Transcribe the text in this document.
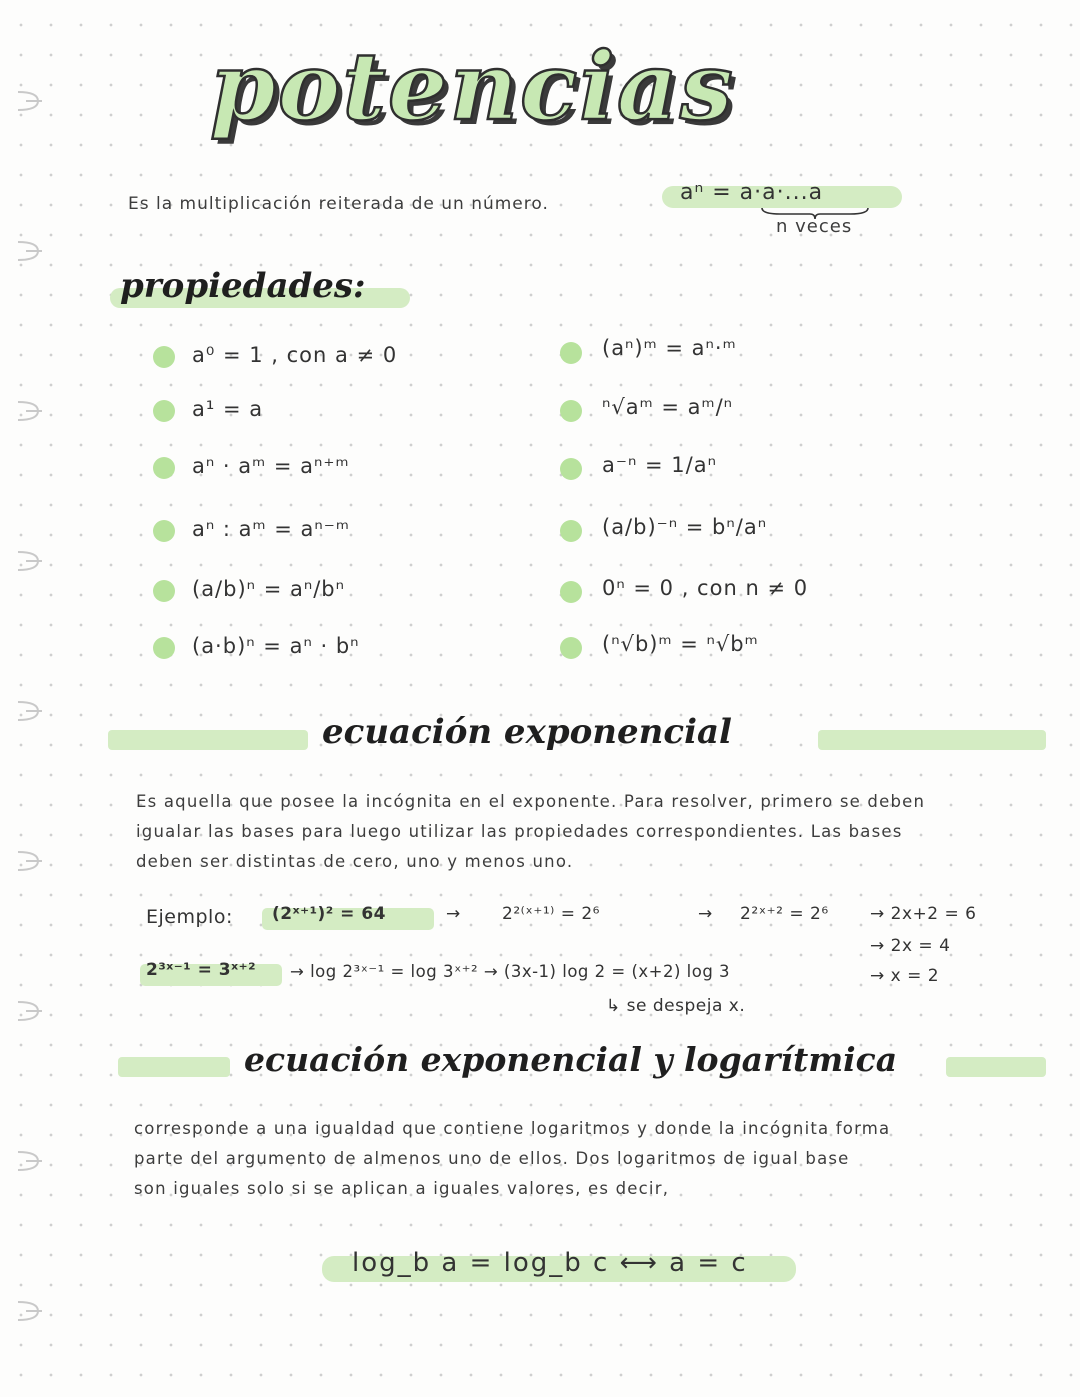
potencias
Es la multiplicación reiterada de un número.	aⁿ = a·a·...a
n veces
propiedades:
a⁰ = 1 , con a ≠ 0
a¹ = a
aⁿ · aᵐ = aⁿ⁺ᵐ
aⁿ : aᵐ = aⁿ⁻ᵐ
(a/b)ⁿ = aⁿ/bⁿ
(a·b)ⁿ = aⁿ · bⁿ
(aⁿ)ᵐ = aⁿ·ᵐ
ⁿ√aᵐ = aᵐ/ⁿ
a⁻ⁿ = 1/aⁿ
(a/b)⁻ⁿ = bⁿ/aⁿ
0ⁿ = 0 , con n ≠ 0
(ⁿ√b)ᵐ = ⁿ√bᵐ
ecuación exponencial
Es aquella que posee la incógnita en el exponente. Para resolver, primero se deben
igualar las bases para luego utilizar las propiedades correspondientes. Las bases
deben ser distintas de cero, uno y menos uno.
Ejemplo: (2ˣ⁺¹)² = 64	→ 2²⁽ˣ⁺¹⁾ = 2⁶	→ 2²ˣ⁺² = 2⁶ → 2x+2 = 6
→ 2x = 4
→ x = 2
2³ˣ⁻¹ = 3ˣ⁺² → log 2³ˣ⁻¹ = log 3ˣ⁺² → (3x-1) log 2 = (x+2) log 3
↳ se despeja x.
ecuación exponencial y logarítmica
corresponde a una igualdad que contiene logaritmos y donde la incógnita forma
parte del argumento de almenos uno de ellos. Dos logaritmos de igual base
son iguales solo si se aplican a iguales valores, es decir,
log_b a = log_b c ⟷ a = c
